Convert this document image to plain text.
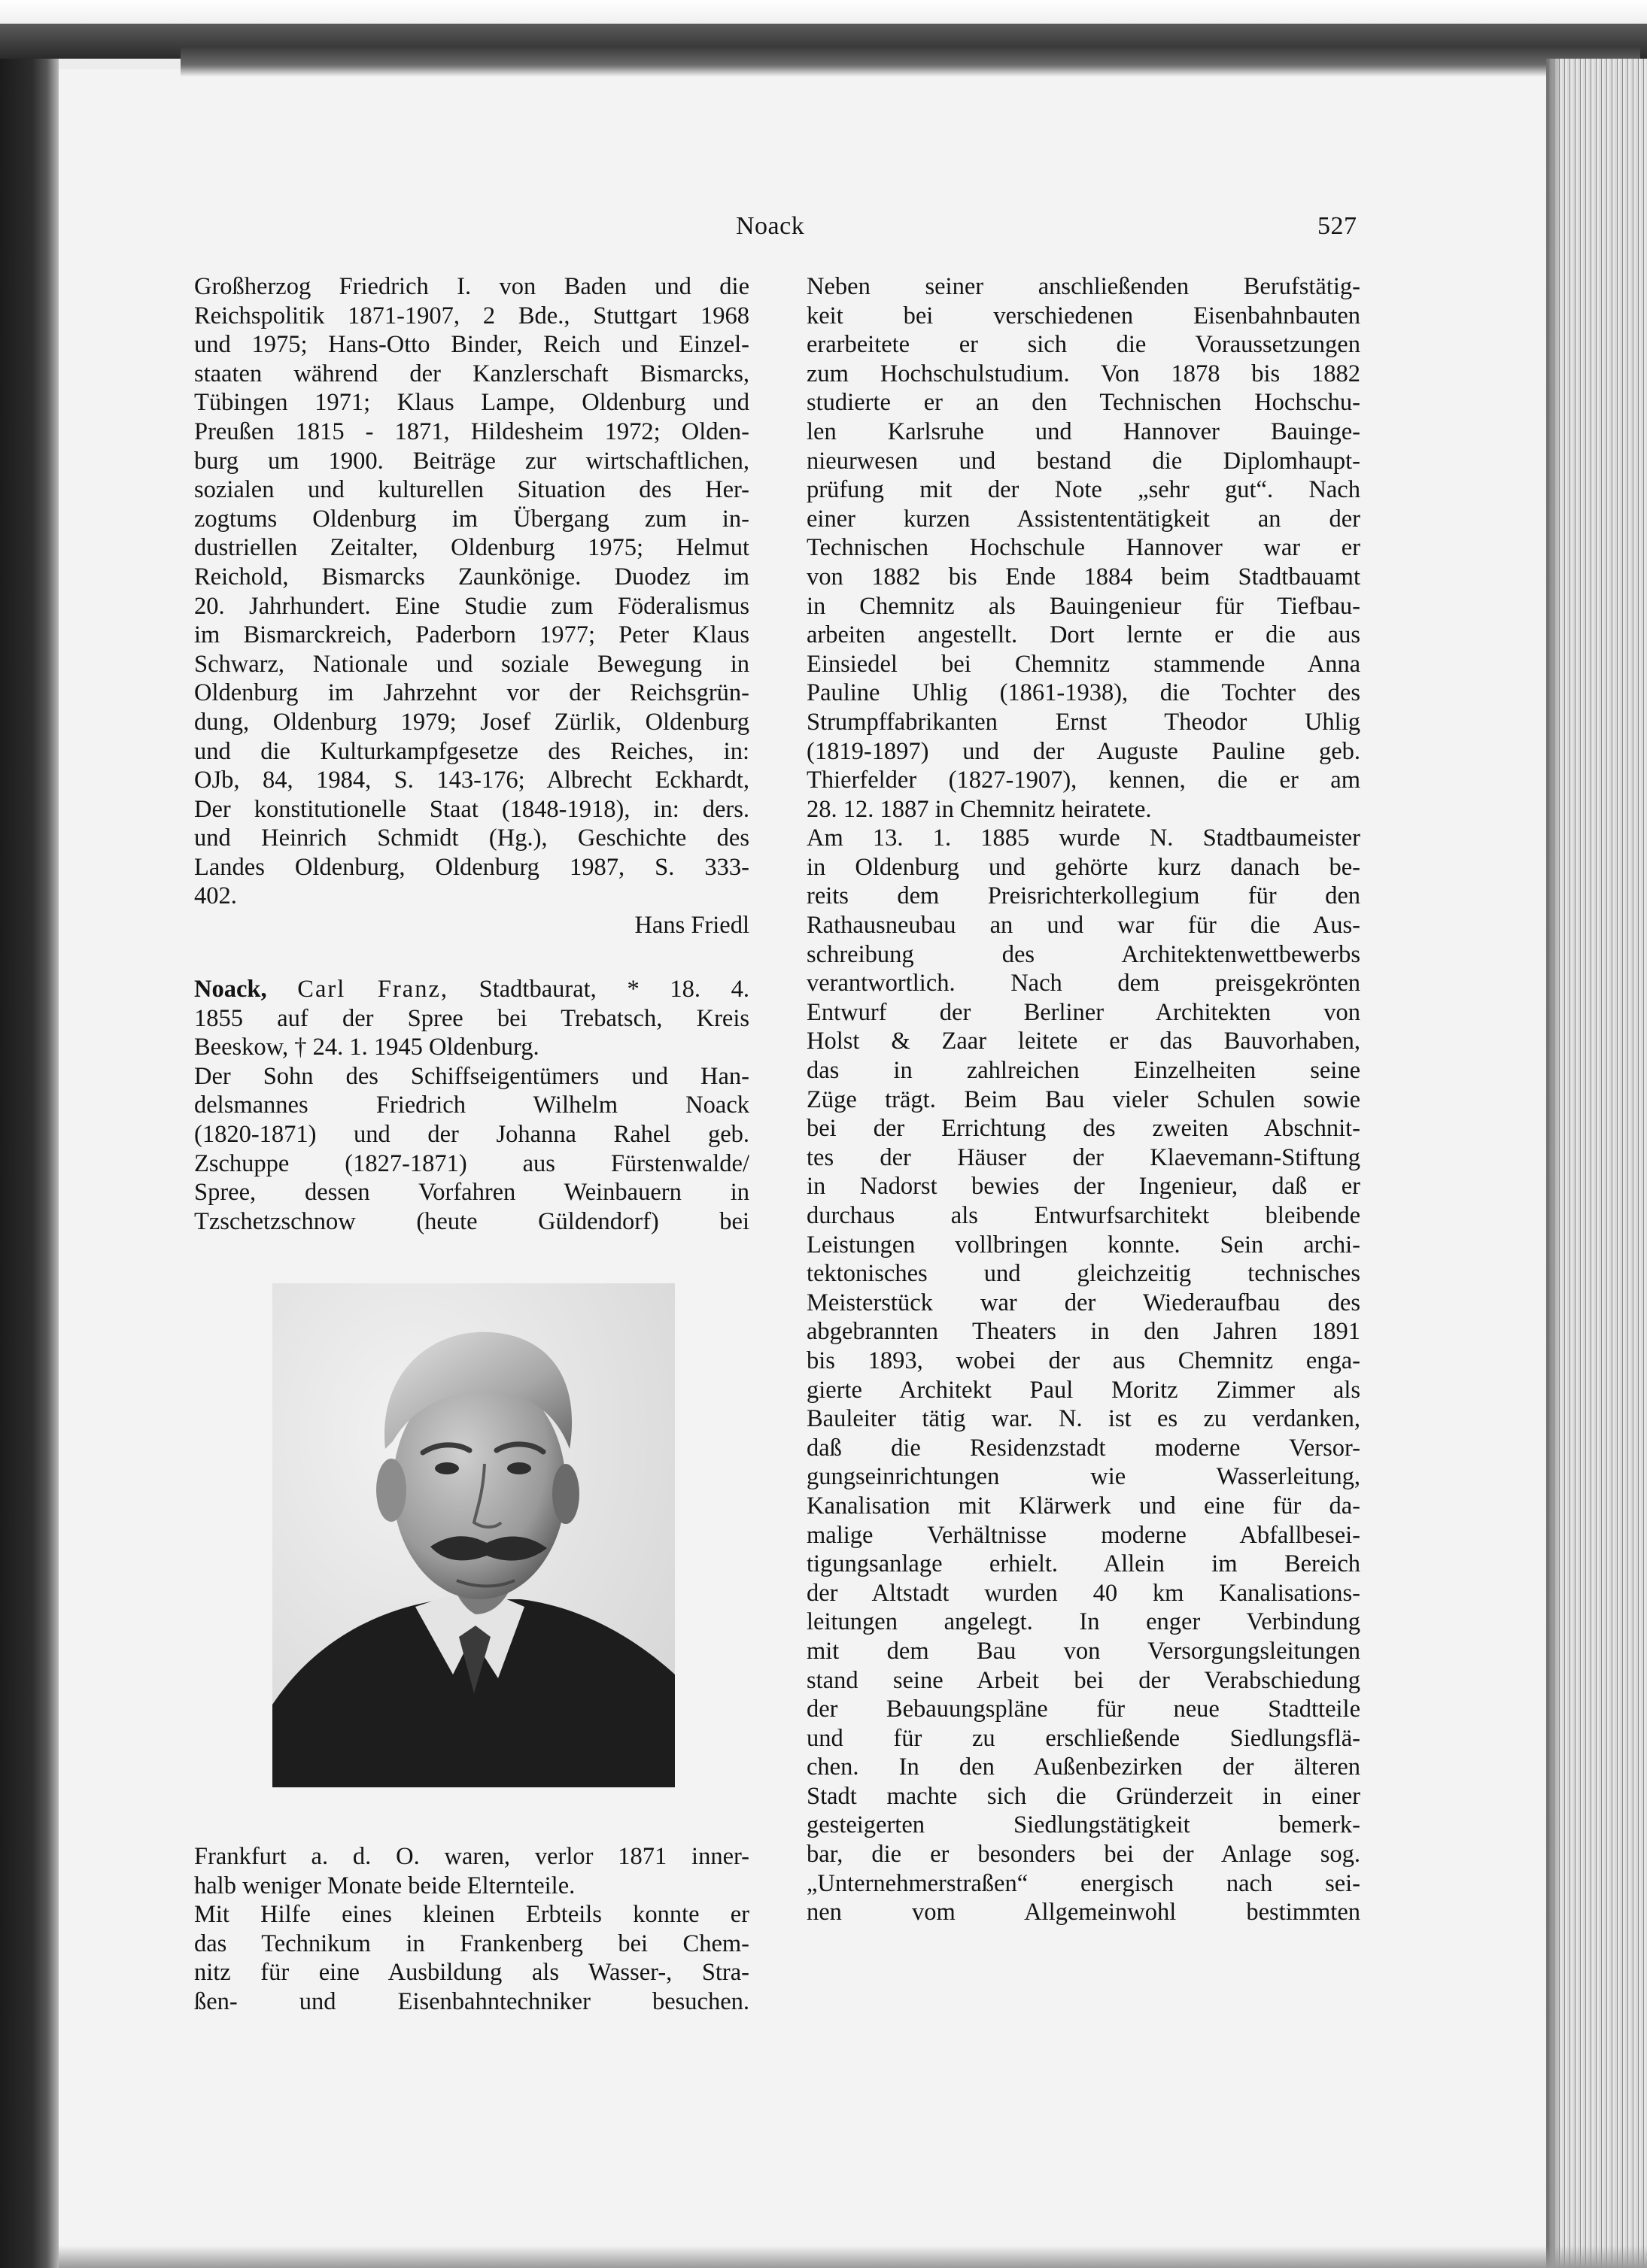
Noack	527
Großherzog Friedrich I. von Baden und die
Reichspolitik 1871-1907, 2 Bde., Stuttgart 1968
und 1975; Hans-Otto Binder, Reich und Einzel-
staaten während der Kanzlerschaft Bismarcks,
Tübingen 1971; Klaus Lampe, Oldenburg und
Preußen 1815 - 1871, Hildesheim 1972; Olden-
burg um 1900. Beiträge zur wirtschaftlichen,
sozialen und kulturellen Situation des Her-
zogtums Oldenburg im Übergang zum in-
dustriellen Zeitalter, Oldenburg 1975; Helmut
Reichold, Bismarcks Zaunkönige. Duodez im
20. Jahrhundert. Eine Studie zum Föderalismus
im Bismarckreich, Paderborn 1977; Peter Klaus
Schwarz, Nationale und soziale Bewegung in
Oldenburg im Jahrzehnt vor der Reichsgrün-
dung, Oldenburg 1979; Josef Zürlik, Oldenburg
und die Kulturkampfgesetze des Reiches, in:
OJb, 84, 1984, S. 143-176; Albrecht Eckhardt,
Der konstitutionelle Staat (1848-1918), in: ders.
und Heinrich Schmidt (Hg.), Geschichte des
Landes Oldenburg, Oldenburg 1987, S. 333-
402.
Hans Friedl
Noack, Carl Franz, Stadtbaurat, * 18. 4.
1855 auf der Spree bei Trebatsch, Kreis
Beeskow, † 24. 1. 1945 Oldenburg.
Der Sohn des Schiffseigentümers und Han-
delsmannes Friedrich Wilhelm Noack
(1820-1871) und der Johanna Rahel geb.
Zschuppe (1827-1871) aus Fürstenwalde/
Spree, dessen Vorfahren Weinbauern in
Tzschetzschnow (heute Güldendorf) bei
Frankfurt a. d. O. waren, verlor 1871 inner-
halb weniger Monate beide Elternteile.
Mit Hilfe eines kleinen Erbteils konnte er
das Technikum in Frankenberg bei Chem-
nitz für eine Ausbildung als Wasser-, Stra-
ßen- und Eisenbahntechniker besuchen.
Neben seiner anschließenden Berufstätig-
keit bei verschiedenen Eisenbahnbauten
erarbeitete er sich die Voraussetzungen
zum Hochschulstudium. Von 1878 bis 1882
studierte er an den Technischen Hochschu-
len Karlsruhe und Hannover Bauinge-
nieurwesen und bestand die Diplomhaupt-
prüfung mit der Note „sehr gut“. Nach
einer kurzen Assistententätigkeit an der
Technischen Hochschule Hannover war er
von 1882 bis Ende 1884 beim Stadtbauamt
in Chemnitz als Bauingenieur für Tiefbau-
arbeiten angestellt. Dort lernte er die aus
Einsiedel bei Chemnitz stammende Anna
Pauline Uhlig (1861-1938), die Tochter des
Strumpffabrikanten Ernst Theodor Uhlig
(1819-1897) und der Auguste Pauline geb.
Thierfelder (1827-1907), kennen, die er am
28. 12. 1887 in Chemnitz heiratete.
Am 13. 1. 1885 wurde N. Stadtbaumeister
in Oldenburg und gehörte kurz danach be-
reits dem Preisrichterkollegium für den
Rathausneubau an und war für die Aus-
schreibung des Architektenwettbewerbs
verantwortlich. Nach dem preisgekrönten
Entwurf der Berliner Architekten von
Holst & Zaar leitete er das Bauvorhaben,
das in zahlreichen Einzelheiten seine
Züge trägt. Beim Bau vieler Schulen sowie
bei der Errichtung des zweiten Abschnit-
tes der Häuser der Klaevemann-Stiftung
in Nadorst bewies der Ingenieur, daß er
durchaus als Entwurfsarchitekt bleibende
Leistungen vollbringen konnte. Sein archi-
tektonisches und gleichzeitig technisches
Meisterstück war der Wiederaufbau des
abgebrannten Theaters in den Jahren 1891
bis 1893, wobei der aus Chemnitz enga-
gierte Architekt Paul Moritz Zimmer als
Bauleiter tätig war. N. ist es zu verdanken,
daß die Residenzstadt moderne Versor-
gungseinrichtungen wie Wasserleitung,
Kanalisation mit Klärwerk und eine für da-
malige Verhältnisse moderne Abfallbesei-
tigungsanlage erhielt. Allein im Bereich
der Altstadt wurden 40 km Kanalisations-
leitungen angelegt. In enger Verbindung
mit dem Bau von Versorgungsleitungen
stand seine Arbeit bei der Verabschiedung
der Bebauungspläne für neue Stadtteile
und für zu erschließende Siedlungsflä-
chen. In den Außenbezirken der älteren
Stadt machte sich die Gründerzeit in einer
gesteigerten Siedlungstätigkeit bemerk-
bar, die er besonders bei der Anlage sog.
„Unternehmerstraßen“ energisch nach sei-
nen vom Allgemeinwohl bestimmten
